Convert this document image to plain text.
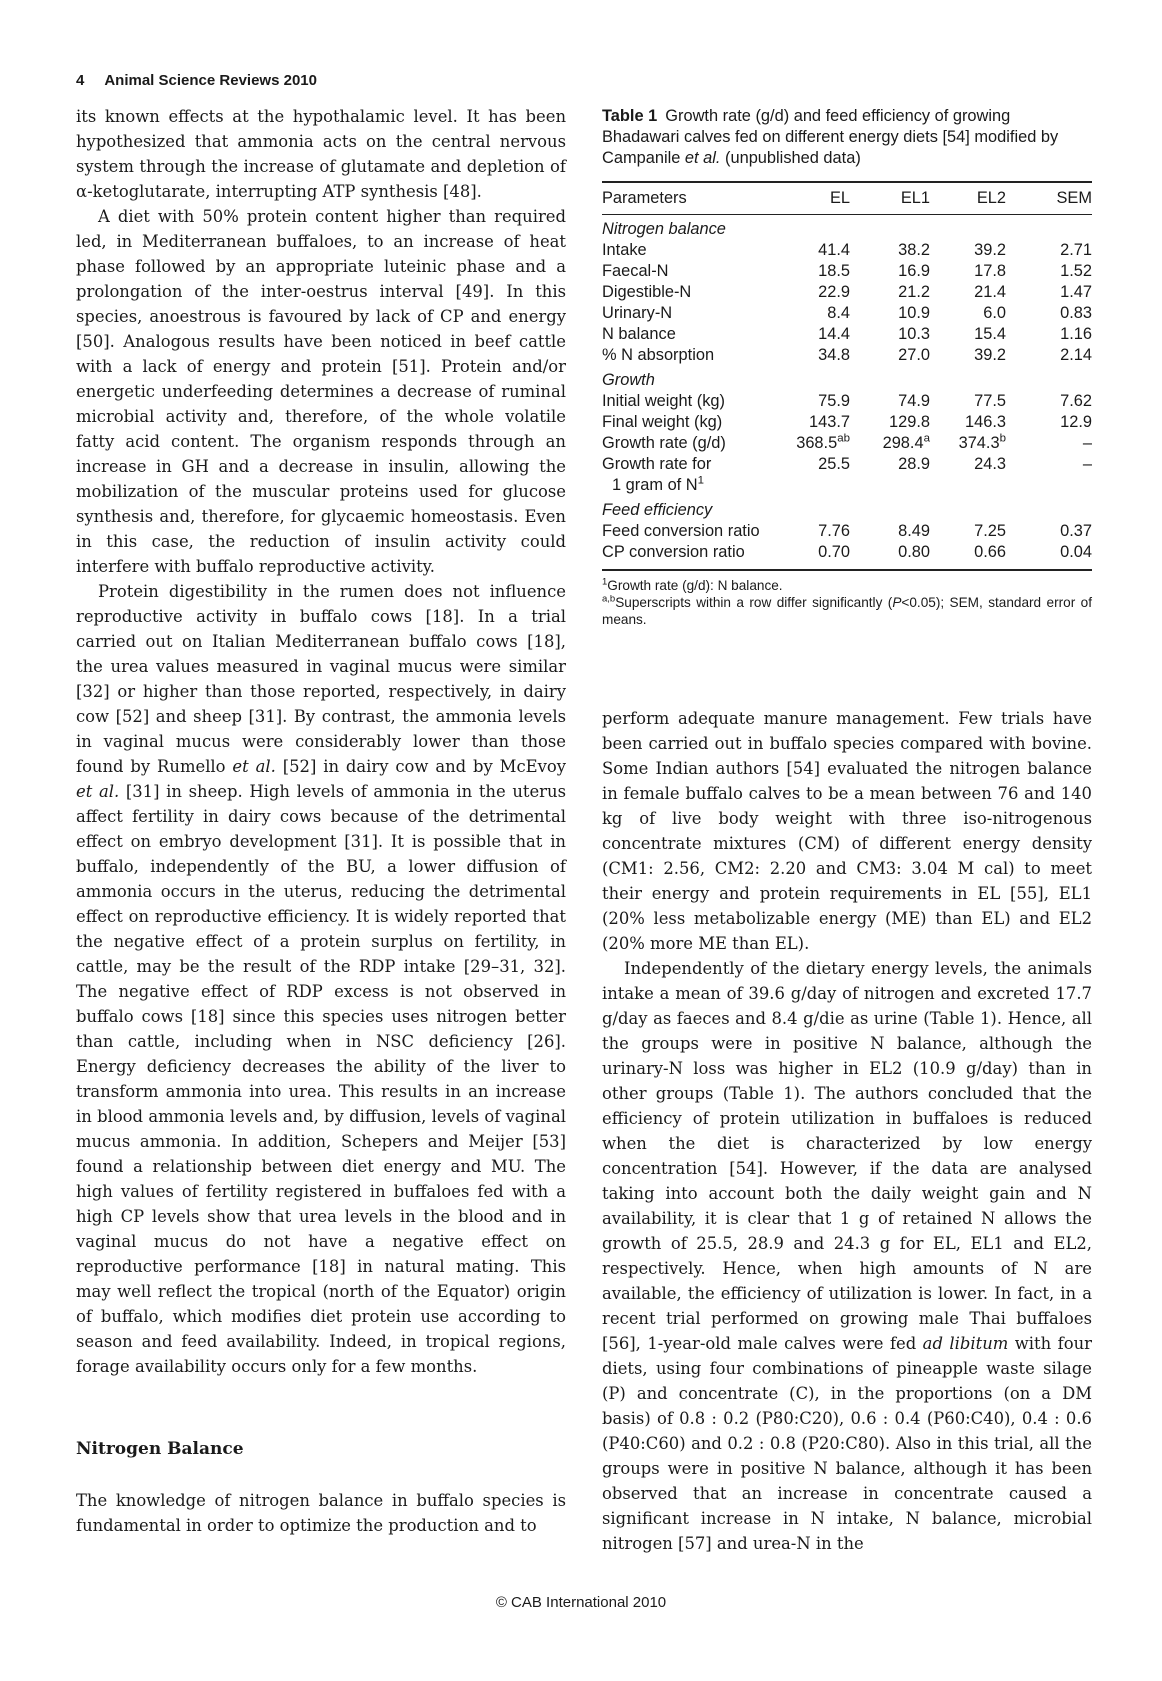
4 Animal Science Reviews 2010

its known effects at the hypothalamic level. It has been hypothesized that ammonia acts on the central nervous system through the increase of glutamate and depletion of α-ketoglutarate, interrupting ATP synthesis [48].

A diet with 50% protein content higher than required led, in Mediterranean buffaloes, to an increase of heat phase followed by an appropriate luteinic phase and a prolongation of the inter-oestrus interval [49]. In this species, anoestrous is favoured by lack of CP and energy [50]. Analogous results have been noticed in beef cattle with a lack of energy and protein [51]. Protein and/or energetic underfeeding determines a decrease of ruminal microbial activity and, therefore, of the whole volatile fatty acid content. The organism responds through an increase in GH and a decrease in insulin, allowing the mobilization of the muscular proteins used for glucose synthesis and, therefore, for glycaemic homeostasis. Even in this case, the reduction of insulin activity could interfere with buffalo reproductive activity.

Protein digestibility in the rumen does not influence reproductive activity in buffalo cows [18]. In a trial carried out on Italian Mediterranean buffalo cows [18], the urea values measured in vaginal mucus were similar [32] or higher than those reported, respectively, in dairy cow [52] and sheep [31]. By contrast, the ammonia levels in vaginal mucus were considerably lower than those found by Rumello et al. [52] in dairy cow and by McEvoy et al. [31] in sheep. High levels of ammonia in the uterus affect fertility in dairy cows because of the detrimental effect on embryo development [31]. It is possible that in buffalo, independently of the BU, a lower diffusion of ammonia occurs in the uterus, reducing the detrimental effect on reproductive efficiency. It is widely reported that the negative effect of a protein surplus on fertility, in cattle, may be the result of the RDP intake [29–31, 32]. The negative effect of RDP excess is not observed in buffalo cows [18] since this species uses nitrogen better than cattle, including when in NSC deficiency [26]. Energy deficiency decreases the ability of the liver to transform ammonia into urea. This results in an increase in blood ammonia levels and, by diffusion, levels of vaginal mucus ammonia. In addition, Schepers and Meijer [53] found a relationship between diet energy and MU. The high values of fertility registered in buffaloes fed with a high CP levels show that urea levels in the blood and in vaginal mucus do not have a negative effect on reproductive performance [18] in natural mating. This may well reflect the tropical (north of the Equator) origin of buffalo, which modifies diet protein use according to season and feed availability. Indeed, in tropical regions, forage availability occurs only for a few months.

Nitrogen Balance

The knowledge of nitrogen balance in buffalo species is fundamental in order to optimize the production and to

Table 1 Growth rate (g/d) and feed efficiency of growing Bhadawari calves fed on different energy diets [54] modified by Campanile et al. (unpublished data)
Parameters	EL	EL1	EL2	SEM
Nitrogen balance				
Intake	41.4	38.2	39.2	2.71
Faecal-N	18.5	16.9	17.8	1.52
Digestible-N	22.9	21.2	21.4	1.47
Urinary-N	8.4	10.9	6.0	0.83
N balance	14.4	10.3	15.4	1.16
% N absorption	34.8	27.0	39.2	2.14
Growth				
Initial weight (kg)	75.9	74.9	77.5	7.62
Final weight (kg)	143.7	129.8	146.3	12.9
Growth rate (g/d)	368.5$^{ab}$	298.4$^a$	374.3$^b$	–
Growth rate for
1 gram of $N^1$	25.5	28.9	24.3	–
Feed efficiency				
Feed conversion ratio	7.76	8.49	7.25	0.37
CP conversion ratio	0.70	0.80	0.66	0.04
$^1$Growth rate (g/d): N balance.
$^{a,b}$Superscripts within a row differ significantly (P<0.05); SEM, standard error of means.

perform adequate manure management. Few trials have been carried out in buffalo species compared with bovine. Some Indian authors [54] evaluated the nitrogen balance in female buffalo calves to be a mean between 76 and 140 kg of live body weight with three iso-nitrogenous concentrate mixtures (CM) of different energy density (CM1: 2.56, CM2: 2.20 and CM3: 3.04 M cal) to meet their energy and protein requirements in EL [55], EL1 (20% less metabolizable energy (ME) than EL) and EL2 (20% more ME than EL).

Independently of the dietary energy levels, the animals intake a mean of 39.6 g/day of nitrogen and excreted 17.7 g/day as faeces and 8.4 g/die as urine (Table 1). Hence, all the groups were in positive N balance, although the urinary-N loss was higher in EL2 (10.9 g/day) than in other groups (Table 1). The authors concluded that the efficiency of protein utilization in buffaloes is reduced when the diet is characterized by low energy concentration [54]. However, if the data are analysed taking into account both the daily weight gain and N availability, it is clear that 1 g of retained N allows the growth of 25.5, 28.9 and 24.3 g for EL, EL1 and EL2, respectively. Hence, when high amounts of N are available, the efficiency of utilization is lower. In fact, in a recent trial performed on growing male Thai buffaloes [56], 1-year-old male calves were fed ad libitum with four diets, using four combinations of pineapple waste silage (P) and concentrate (C), in the proportions (on a DM basis) of 0.8 : 0.2 (P80:C20), 0.6 : 0.4 (P60:C40), 0.4 : 0.6 (P40:C60) and 0.2 : 0.8 (P20:C80). Also in this trial, all the groups were in positive N balance, although it has been observed that an increase in concentrate caused a significant increase in N intake, N balance, microbial nitrogen [57] and urea-N in the

© CAB International 2010
